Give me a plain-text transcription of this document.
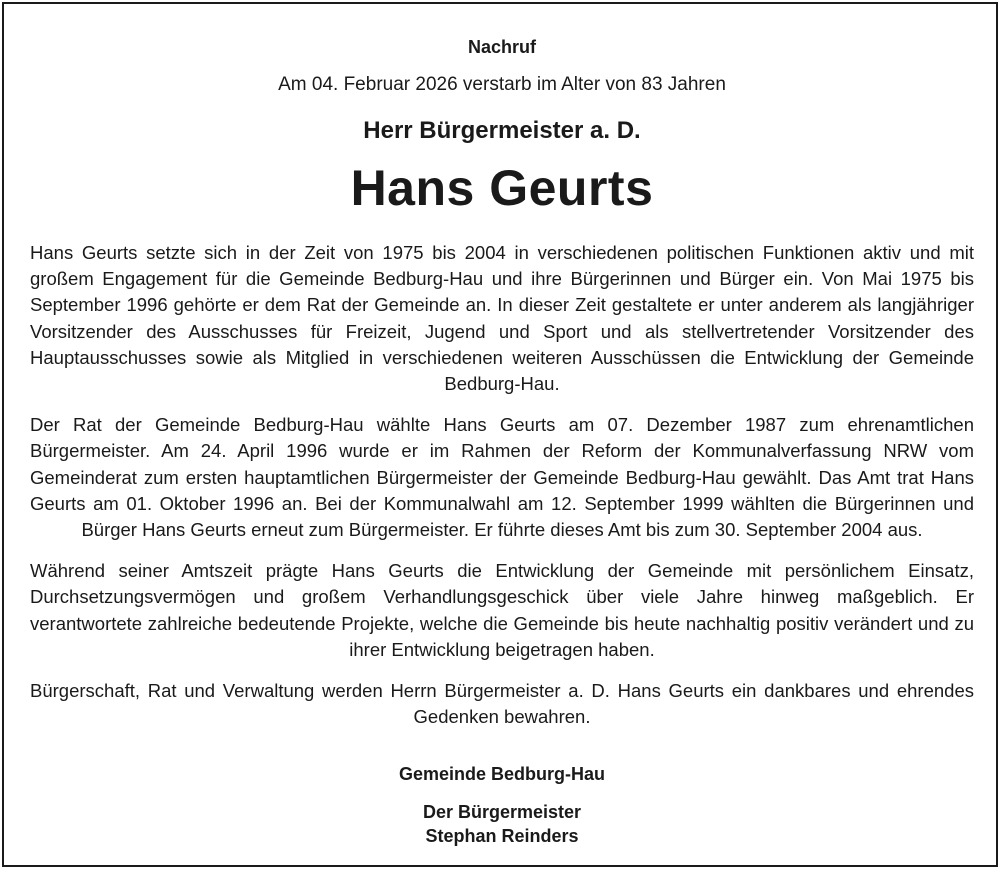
Nachruf

Am 04. Februar 2026 verstarb im Alter von 83 Jahren

Herr Bürgermeister a. D.

Hans Geurts

Hans Geurts setzte sich in der Zeit von 1975 bis 2004 in verschiedenen politischen Funktionen aktiv und mit großem Engagement für die Gemeinde Bedburg-Hau und ihre Bürgerinnen und Bürger ein. Von Mai 1975 bis September 1996 gehörte er dem Rat der Gemeinde an. In dieser Zeit gestaltete er unter anderem als langjähriger Vorsitzender des Ausschusses für Freizeit, Jugend und Sport und als stellvertretender Vorsitzender des Hauptausschusses sowie als Mitglied in verschiedenen weiteren Ausschüssen die Entwicklung der Gemeinde Bedburg-Hau.

Der Rat der Gemeinde Bedburg-Hau wählte Hans Geurts am 07. Dezember 1987 zum ehrenamtlichen Bürgermeister. Am 24. April 1996 wurde er im Rahmen der Reform der Kommunalverfassung NRW vom Gemeinderat zum ersten hauptamtlichen Bürgermeister der Gemeinde Bedburg-Hau gewählt. Das Amt trat Hans Geurts am 01. Oktober 1996 an. Bei der Kommunalwahl am 12. September 1999 wählten die Bürgerinnen und Bürger Hans Geurts erneut zum Bürgermeister. Er führte dieses Amt bis zum 30. September 2004 aus.

Während seiner Amtszeit prägte Hans Geurts die Entwicklung der Gemeinde mit persönlichem Einsatz, Durchsetzungsvermögen und großem Verhandlungsgeschick über viele Jahre hinweg maßgeblich. Er verantwortete zahlreiche bedeutende Projekte, welche die Gemeinde bis heute nachhaltig positiv verändert und zu ihrer Entwicklung beigetragen haben.

Bürgerschaft, Rat und Verwaltung werden Herrn Bürgermeister a. D. Hans Geurts ein dankbares und ehrendes Gedenken bewahren.

Gemeinde Bedburg-Hau
Der Bürgermeister
Stephan Reinders
